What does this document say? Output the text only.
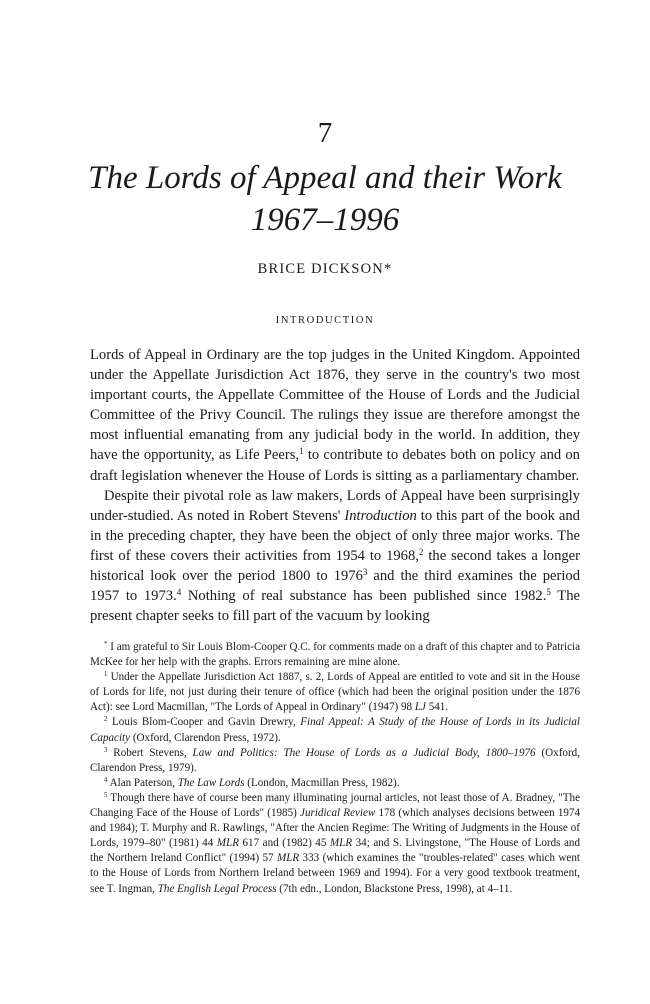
7
The Lords of Appeal and their Work
1967–1996
BRICE DICKSON*
INTRODUCTION

Lords of Appeal in Ordinary are the top judges in the United Kingdom. Appointed under the Appellate Jurisdiction Act 1876, they serve in the country's two most important courts, the Appellate Committee of the House of Lords and the Judicial Committee of the Privy Council. The rulings they issue are therefore amongst the most influential emanating from any judicial body in the world. In addition, they have the opportunity, as Life Peers,$^1$ to contribute to debates both on policy and on draft legislation whenever the House of Lords is sitting as a parliamentary chamber.

Despite their pivotal role as law makers, Lords of Appeal have been surprisingly under-studied. As noted in Robert Stevens' Introduction to this part of the book and in the preceding chapter, they have been the object of only three major works. The first of these covers their activities from 1954 to 1968,$^2$ the second takes a longer historical look over the period 1800 to 1976$^3$ and the third examines the period 1957 to 1973.$^4$ Nothing of real substance has been published since 1982.$^5$ The present chapter seeks to fill part of the vacuum by looking

* I am grateful to Sir Louis Blom-Cooper Q.C. for comments made on a draft of this chapter and to Patricia McKee for her help with the graphs. Errors remaining are mine alone.

$^1$ Under the Appellate Jurisdiction Act 1887, s. 2, Lords of Appeal are entitled to vote and sit in the House of Lords for life, not just during their tenure of office (which had been the original position under the 1876 Act): see Lord Macmillan, "The Lords of Appeal in Ordinary" (1947) 98 LJ 541.

$^2$ Louis Blom-Cooper and Gavin Drewry, Final Appeal: A Study of the House of Lords in its Judicial Capacity (Oxford, Clarendon Press, 1972).

$^3$ Robert Stevens, Law and Politics: The House of Lords as a Judicial Body, 1800–1976 (Oxford, Clarendon Press, 1979).

$^4$ Alan Paterson, The Law Lords (London, Macmillan Press, 1982).

$^5$ Though there have of course been many illuminating journal articles, not least those of A. Bradney, "The Changing Face of the House of Lords" (1985) Juridical Review 178 (which analyses decisions between 1974 and 1984); T. Murphy and R. Rawlings, "After the Ancien Regime: The Writing of Judgments in the House of Lords, 1979–80" (1981) 44 MLR 617 and (1982) 45 MLR 34; and S. Livingstone, "The House of Lords and the Northern Ireland Conflict" (1994) 57 MLR 333 (which examines the "troubles-related" cases which went to the House of Lords from Northern Ireland between 1969 and 1994). For a very good textbook treatment, see T. Ingman, The English Legal Process (7th edn., London, Blackstone Press, 1998), at 4–11.
